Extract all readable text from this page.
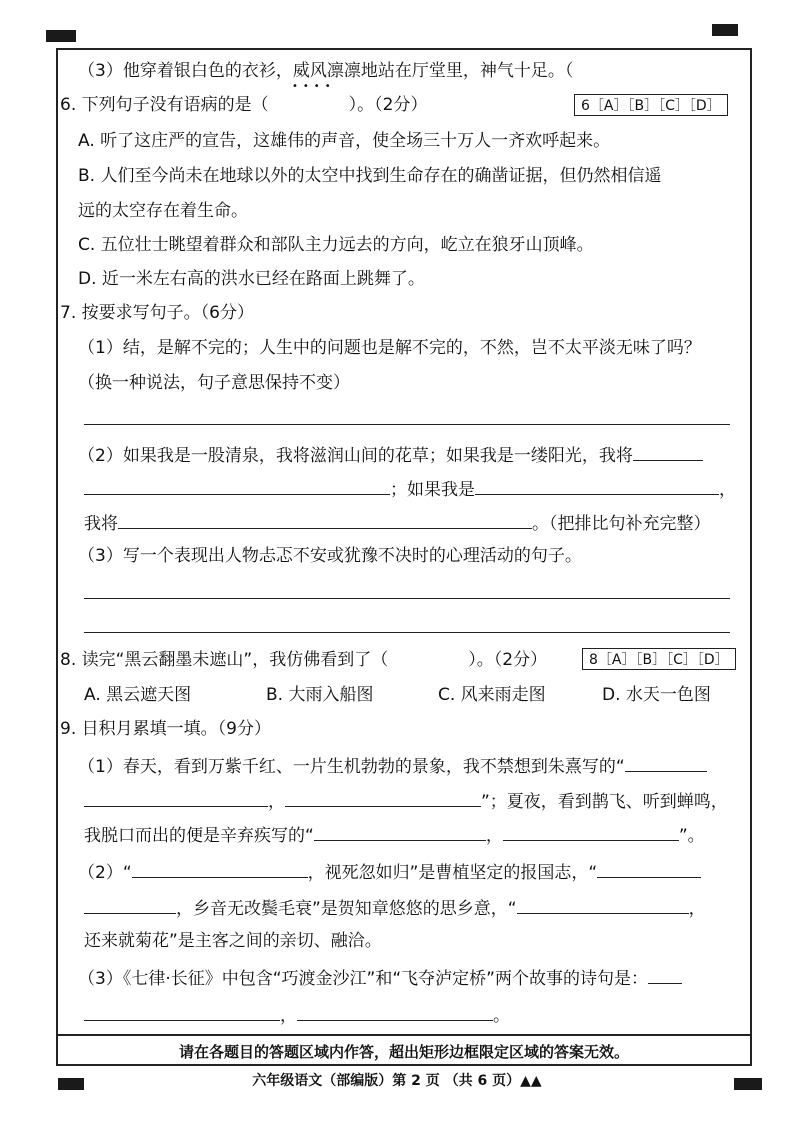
（3）他穿着银白色的衣衫，威风凛凛地站在厅堂里，神气十足。（
••••
6. 下列句子没有语病的是（	）。（2分）	6［A］［B］［C］［D］
A. 听了这庄严的宣告，这雄伟的声音，使全场三十万人一齐欢呼起来。
B. 人们至今尚未在地球以外的太空中找到生命存在的确凿证据，但仍然相信遥
远的太空存在着生命。
C. 五位壮士眺望着群众和部队主力远去的方向，屹立在狼牙山顶峰。
D. 近一米左右高的洪水已经在路面上跳舞了。
7. 按要求写句子。（6分）
（1）结，是解不完的；人生中的问题也是解不完的，不然，岂不太平淡无味了吗？
（换一种说法，句子意思保持不变）
（2）如果我是一股清泉，我将滋润山间的花草；如果我是一缕阳光，我将
；如果我是	，
我将	。（把排比句补充完整）
（3）写一个表现出人物忐忑不安或犹豫不决时的心理活动的句子。
8. 读完“黑云翻墨未遮山”，我仿佛看到了（	）。（2分）	8［A］［B］［C］［D］
A. 黑云遮天图	B. 大雨入船图	C. 风来雨走图	D. 水天一色图
9. 日积月累填一填。（9分）
（1）春天，看到万紫千红、一片生机勃勃的景象，我不禁想到朱熹写的“
，	”；夏夜，看到鹊飞、听到蝉鸣，
我脱口而出的便是辛弃疾写的“	，	”。
（2）“	，视死忽如归”是曹植坚定的报国志，“
，乡音无改鬓毛衰”是贺知章悠悠的思乡意，“	，
还来就菊花”是主客之间的亲切、融洽。
（3）《七律·长征》中包含“巧渡金沙江”和“飞夺泸定桥”两个故事的诗句是：
，	。
请在各题目的答题区域内作答，超出矩形边框限定区域的答案无效。
六年级语文（部编版）第 2 页 （共 6 页）▲▲
